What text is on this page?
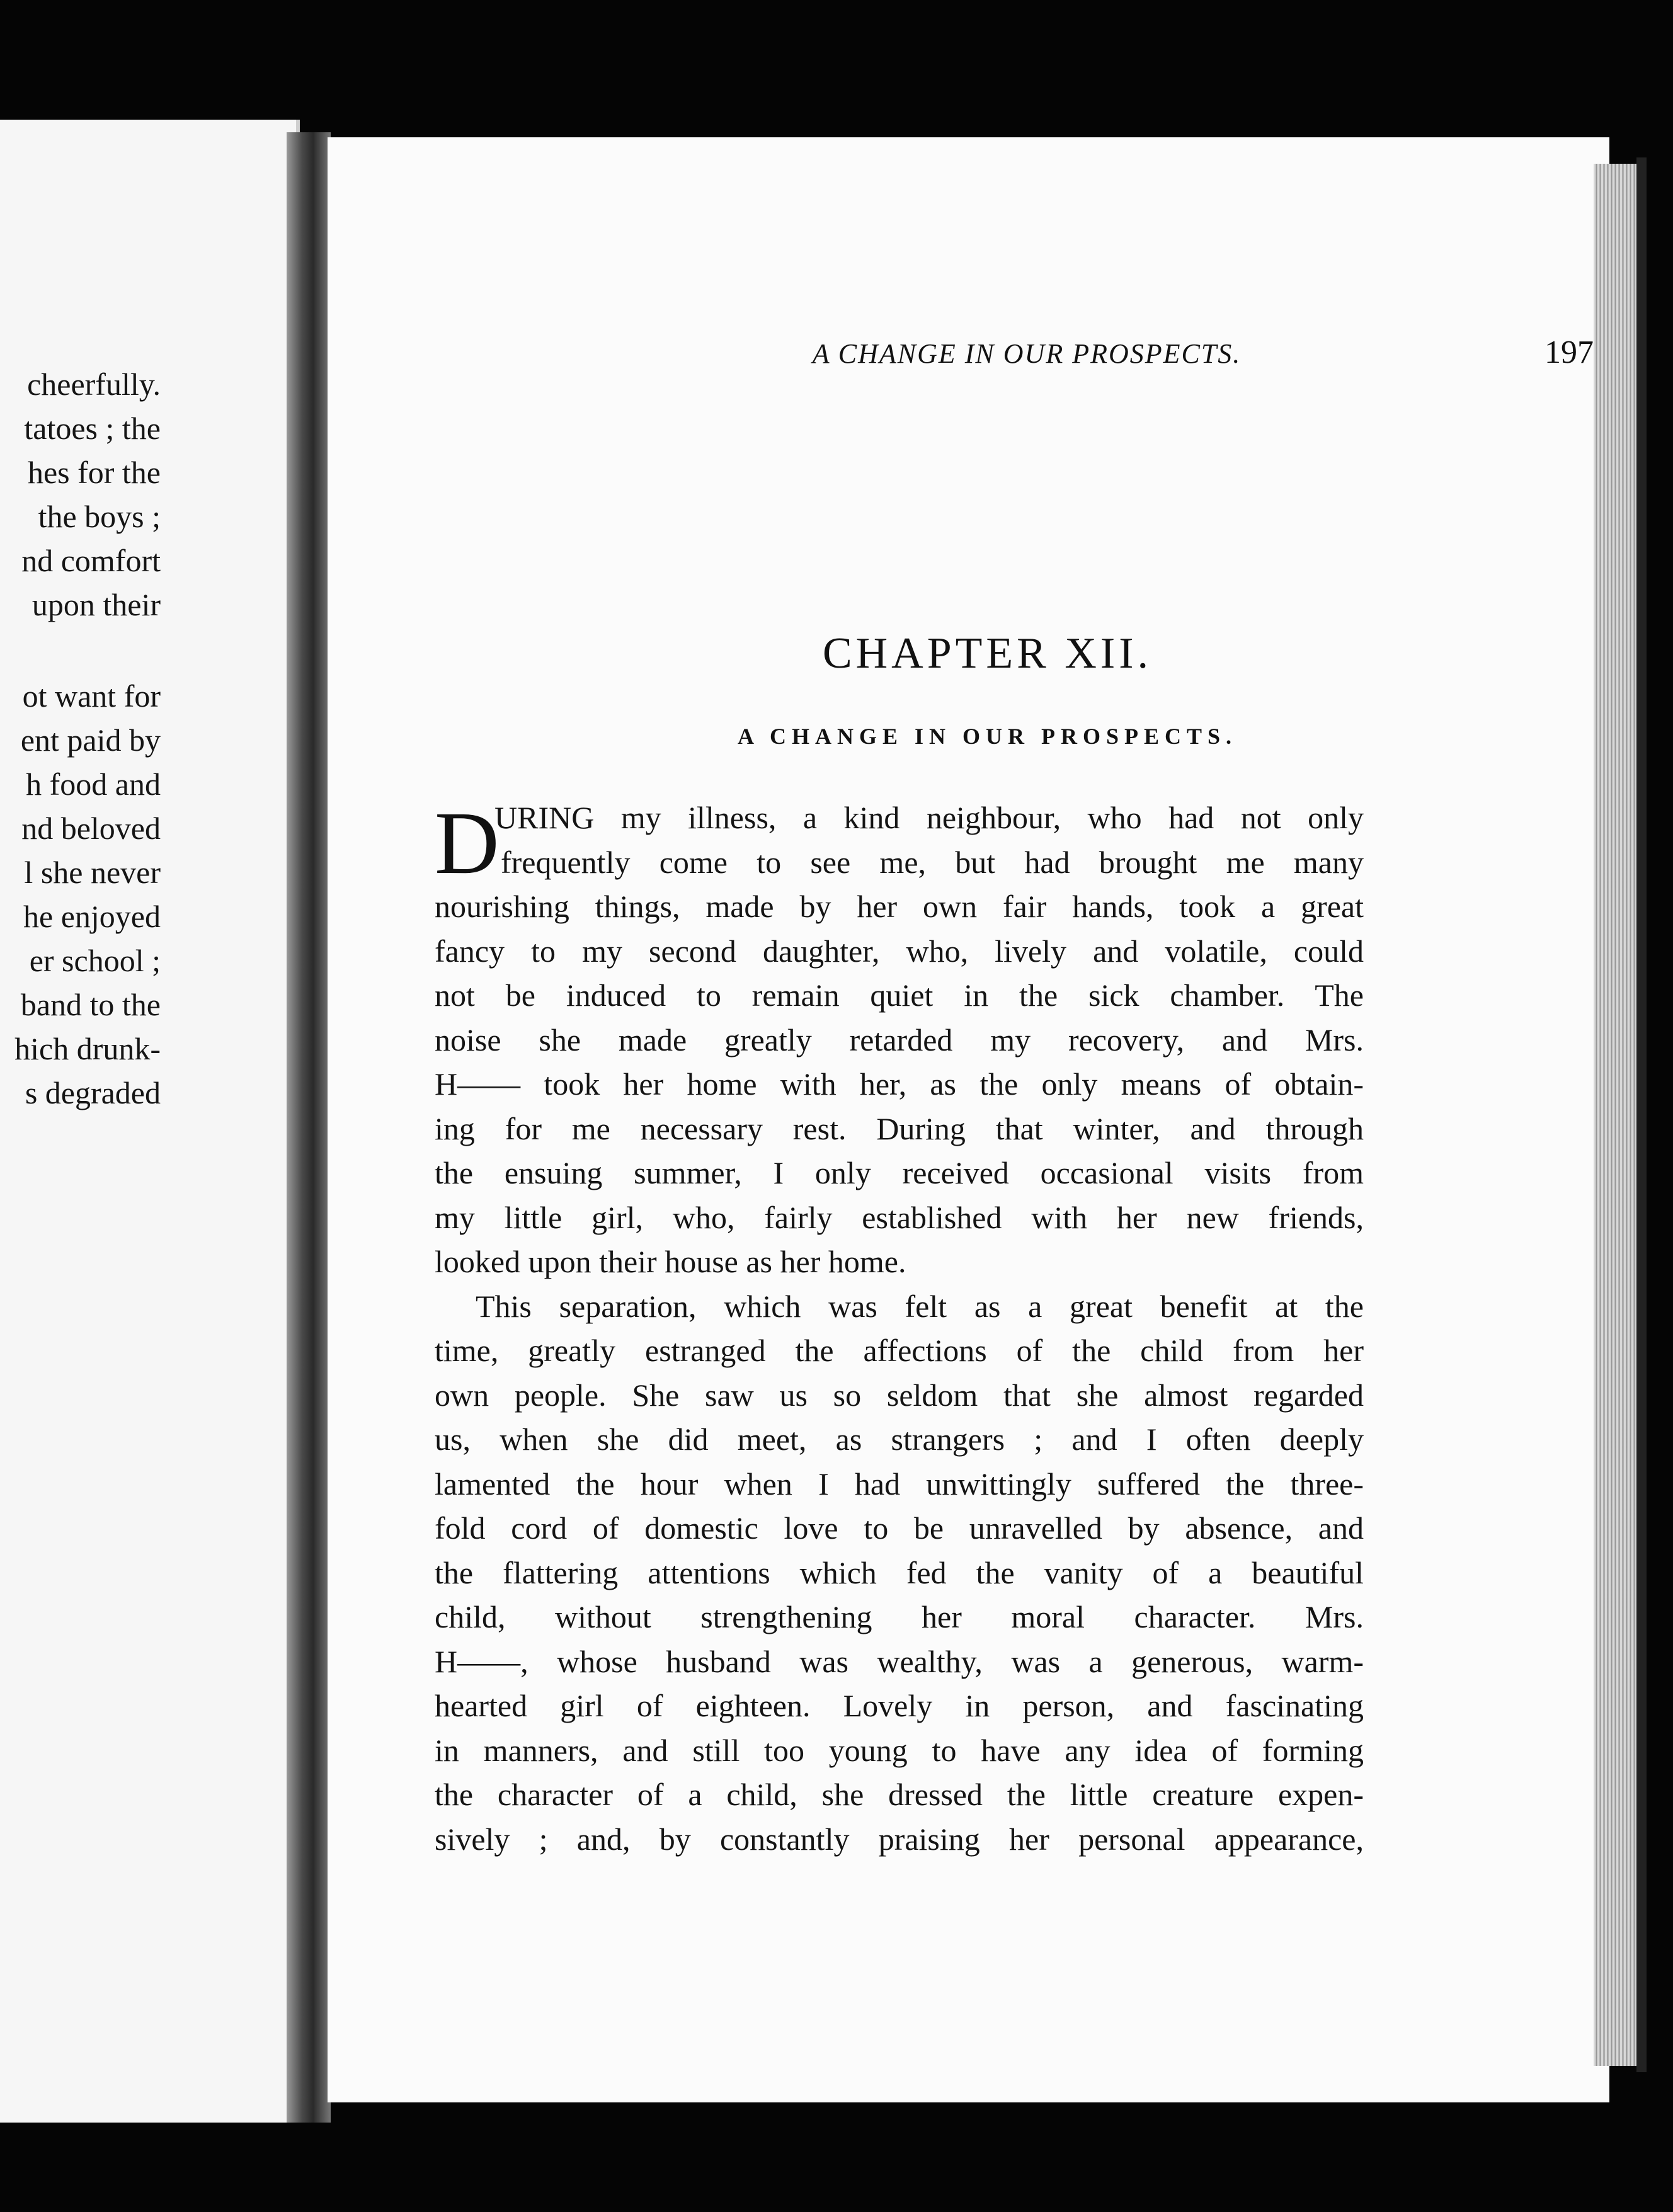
cheerfully.
tatoes ; the
hes for the
the boys ;
nd comfort
upon their
ot want for
ent paid by
h food and
nd beloved
l she never
he enjoyed
er school ;
band to the
hich drunk-
s degraded
A CHANGE IN OUR PROSPECTS.	197
CHAPTER XII.
A CHANGE IN OUR PROSPECTS.
D
URING my illness, a kind neighbour, who had not only
frequently come to see me, but had brought me many
nourishing things, made by her own fair hands, took a great
fancy to my second daughter, who, lively and volatile, could
not be induced to remain quiet in the sick chamber. The
noise she made greatly retarded my recovery, and Mrs.
H—— took her home with her, as the only means of obtain-
ing for me necessary rest. During that winter, and through
the ensuing summer, I only received occasional visits from
my little girl, who, fairly established with her new friends,
looked upon their house as her home.
This separation, which was felt as a great benefit at the
time, greatly estranged the affections of the child from her
own people. She saw us so seldom that she almost regarded
us, when she did meet, as strangers ; and I often deeply
lamented the hour when I had unwittingly suffered the three-
fold cord of domestic love to be unravelled by absence, and
the flattering attentions which fed the vanity of a beautiful
child, without strengthening her moral character. Mrs.
H——, whose husband was wealthy, was a generous, warm-
hearted girl of eighteen. Lovely in person, and fascinating
in manners, and still too young to have any idea of forming
the character of a child, she dressed the little creature expen-
sively ; and, by constantly praising her personal appearance,
